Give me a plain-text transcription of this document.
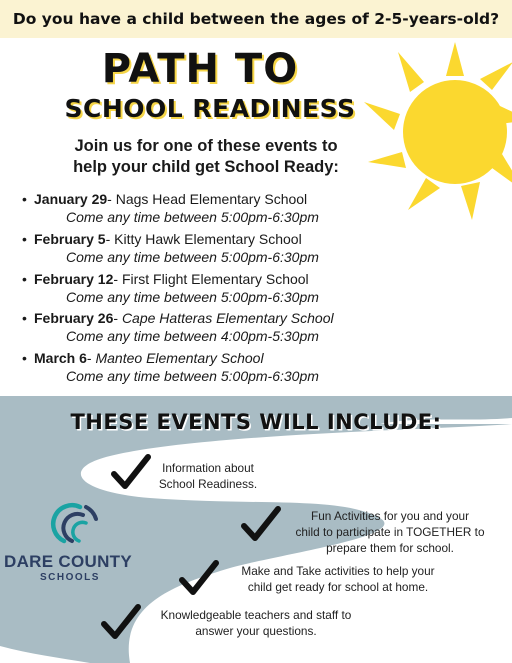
Do you have a child between the ages of 2-5-years-old?
PATH TO
SCHOOL READINESS
Join us for one of these events to
help your child get School Ready:
• January 29- Nags Head Elementary School
Come any time between 5:00pm-6:30pm
• February 5- Kitty Hawk Elementary School
Come any time between 5:00pm-6:30pm
• February 12- First Flight Elementary School
Come any time between 5:00pm-6:30pm
• February 26- Cape Hatteras Elementary School
Come any time between 4:00pm-5:30pm
• March 6- Manteo Elementary School
Come any time between 5:00pm-6:30pm
THESE EVENTS WILL INCLUDE:
Information about
School Readiness.
Fun Activities for you and your
child to participate in TOGETHER to
prepare them for school.
Make and Take activities to help your
child get ready for school at home.
Knowledgeable teachers and staff to
answer your questions.
DARE COUNTY
SCHOOLS
